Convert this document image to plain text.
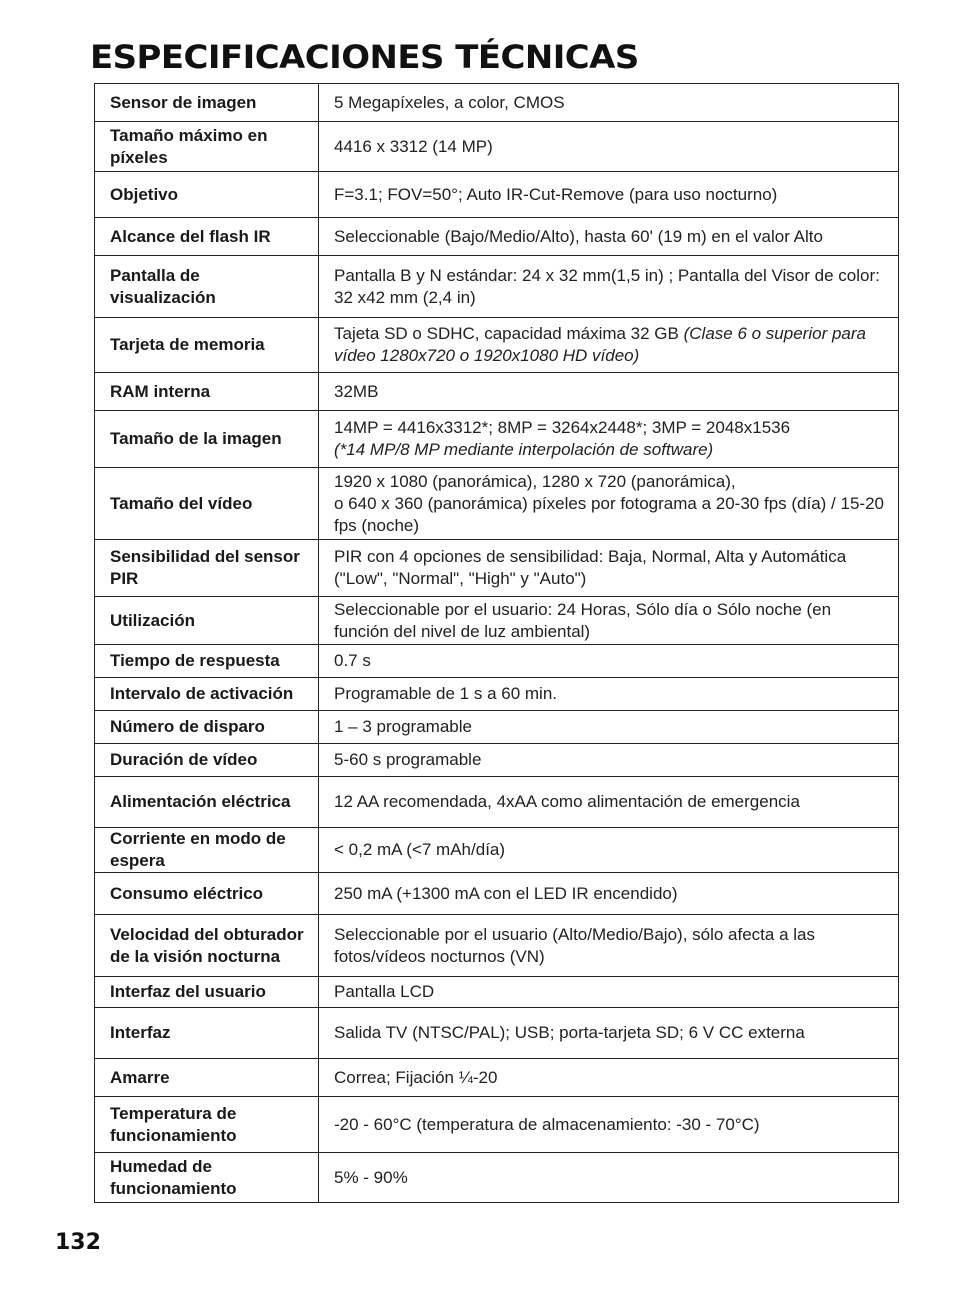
ESPECIFICACIONES TÉCNICAS
Sensor de imagen	5 Megapíxeles, a color, CMOS
Tamaño máximo en píxeles	4416 x 3312 (14 MP)
Objetivo	F=3.1; FOV=50°; Auto IR-Cut-Remove (para uso nocturno)
Alcance del flash IR	Seleccionable (Bajo/Medio/Alto), hasta 60' (19 m) en el valor Alto
Pantalla de visualización	Pantalla B y N estándar: 24 x 32 mm(1,5 in) ; Pantalla del Visor de color: 32 x42 mm (2,4 in)
Tarjeta de memoria	Tajeta SD o SDHC, capacidad máxima 32 GB (Clase 6 o superior para vídeo 1280x720 o 1920x1080 HD vídeo)
RAM interna	32MB
Tamaño de la imagen	14MP = 4416x3312*; 8MP = 3264x2448*; 3MP = 2048x1536
(*14 MP/8 MP mediante interpolación de software)

Tamaño del vídeo	1920 x 1080 (panorámica), 1280 x 720 (panorámica),
o 640 x 360 (panorámica) píxeles por fotograma a 20-30 fps (día) / 15-20 fps (noche)

Sensibilidad del sensor PIR	PIR con 4 opciones de sensibilidad: Baja, Normal, Alta y Automática ("Low", "Normal", "High" y "Auto")
Utilización	Seleccionable por el usuario: 24 Horas, Sólo día o Sólo noche (en función del nivel de luz ambiental)
Tiempo de respuesta	0.7 s
Intervalo de activación	Programable de 1 s a 60 min.
Número de disparo	1 – 3 programable
Duración de vídeo	5-60 s programable
Alimentación eléctrica	12 AA recomendada, 4xAA como alimentación de emergencia
Corriente en modo de espera	< 0,2 mA (<7 mAh/día)
Consumo eléctrico	250 mA (+1300 mA con el LED IR encendido)
Velocidad del obturador de la visión nocturna	Seleccionable por el usuario (Alto/Medio/Bajo), sólo afecta a las fotos/vídeos nocturnos (VN)
Interfaz del usuario	Pantalla LCD
Interfaz	Salida TV (NTSC/PAL); USB; porta-tarjeta SD; 6 V CC externa
Amarre	Correa; Fijación ¼-20
Temperatura de funcionamiento	-20 - 60°C (temperatura de almacenamiento: -30 - 70°C)
Humedad de funcionamiento	5% - 90%
132
